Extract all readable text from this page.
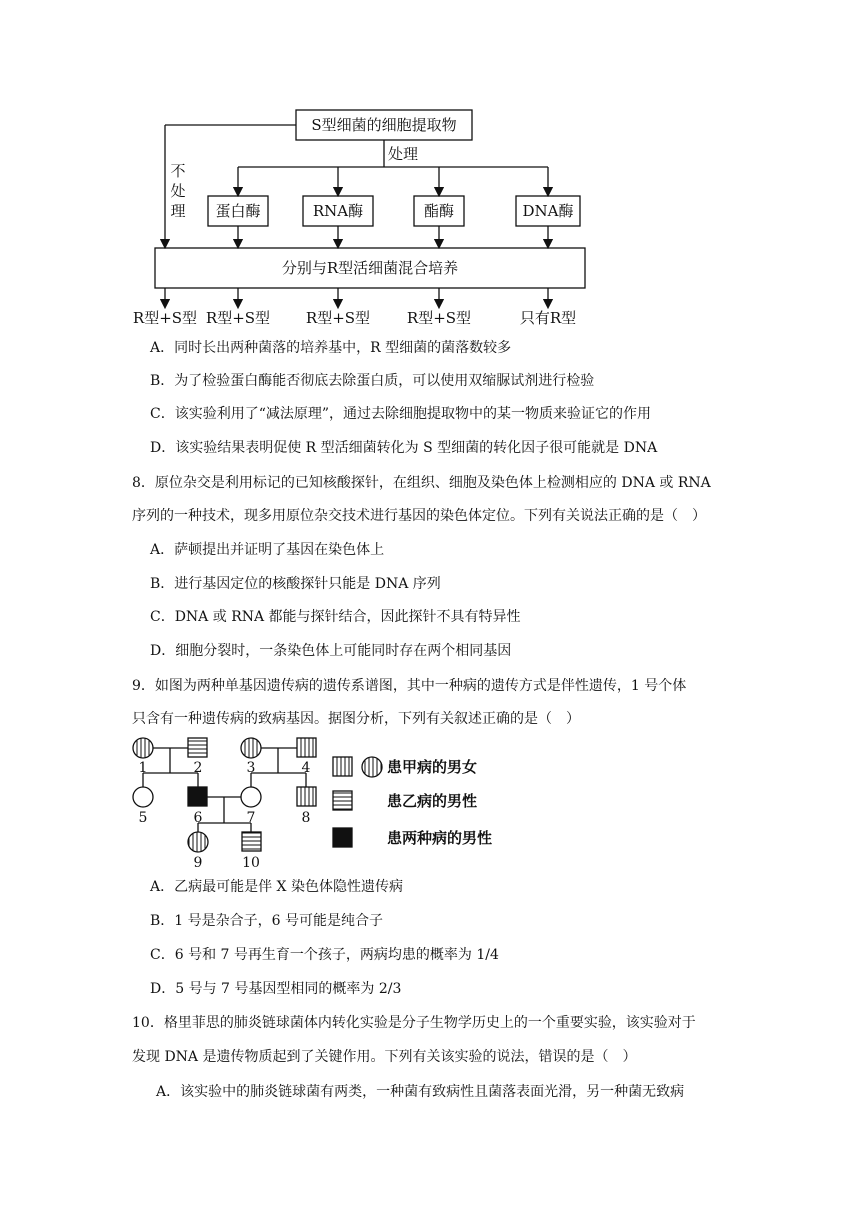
S型细菌的细胞提取物
处理
不
处
理 蛋白酶	RNA酶	酯酶	DNA酶
分别与R型活细菌混合培养
R型+S型 R型+S型 R型+S型 R型+S型	只有R型
A．同时长出两种菌落的培养基中，R 型细菌的菌落数较多
B．为了检验蛋白酶能否彻底去除蛋白质，可以使用双缩脲试剂进行检验
C．该实验利用了“减法原理”，通过去除细胞提取物中的某一物质来验证它的作用
D．该实验结果表明促使 R 型活细菌转化为 S 型细菌的转化因子很可能就是 DNA
8．原位杂交是利用标记的已知核酸探针，在组织、细胞及染色体上检测相应的 DNA 或 RNA
序列的一种技术，现多用原位杂交技术进行基因的染色体定位。下列有关说法正确的是（　）
A．萨顿提出并证明了基因在染色体上
B．进行基因定位的核酸探针只能是 DNA 序列
C．DNA 或 RNA 都能与探针结合，因此探针不具有特异性
D．细胞分裂时，一条染色体上可能同时存在两个相同基因
9．如图为两种单基因遗传病的遗传系谱图，其中一种病的遗传方式是伴性遗传，1 号个体
只含有一种遗传病的致病基因。据图分析，下列有关叙述正确的是（　）
1	2	3	4
5	6	7	8
9	10
患甲病的男女
患乙病的男性
患两种病的男性
A．乙病最可能是伴 X 染色体隐性遗传病
B．1 号是杂合子，6 号可能是纯合子
C．6 号和 7 号再生育一个孩子，两病均患的概率为 1/4
D．5 号与 7 号基因型相同的概率为 2/3
10．格里菲思的肺炎链球菌体内转化实验是分子生物学历史上的一个重要实验，该实验对于
发现 DNA 是遗传物质起到了关键作用。下列有关该实验的说法，错误的是（　）
A．该实验中的肺炎链球菌有两类，一种菌有致病性且菌落表面光滑，另一种菌无致病
